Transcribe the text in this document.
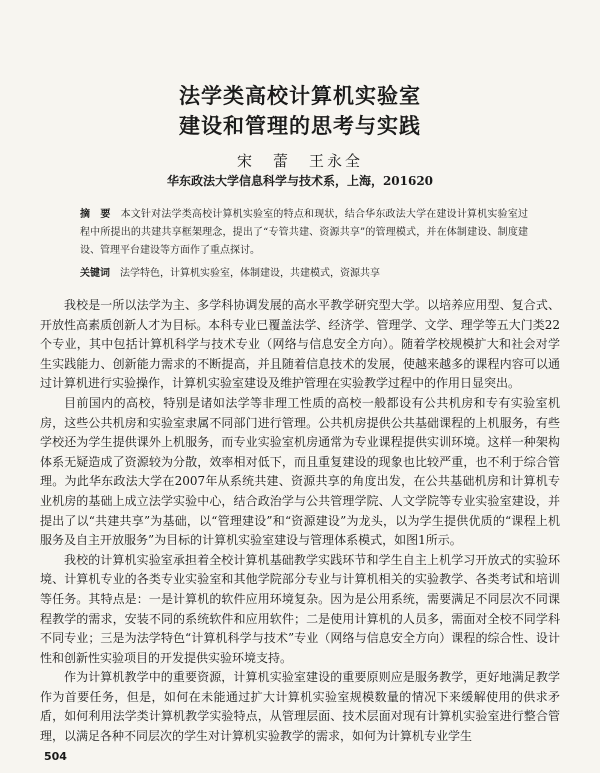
法学类高校计算机实验室
建设和管理的思考与实践
宋　蕾　王永全
华东政法大学信息科学与技术系，上海，201620
摘　要 本文针对法学类高校计算机实验室的特点和现状，结合华东政法大学在建设计算机实验室过程中所提出的共建共享框架理念，提出了“专管共建、资源共享”的管理模式，并在体制建设、制度建设、管理平台建设等方面作了重点探讨。
关键词 法学特色，计算机实验室，体制建设，共建模式，资源共享

我校是一所以法学为主、多学科协调发展的高水平教学研究型大学。以培养应用型、复合式、开放性高素质创新人才为目标。本科专业已覆盖法学、经济学、管理学、文学、理学等五大门类22个专业，其中包括计算机科学与技术专业（网络与信息安全方向）。随着学校规模扩大和社会对学生实践能力、创新能力需求的不断提高，并且随着信息技术的发展，使越来越多的课程内容可以通过计算机进行实验操作，计算机实验室建设及维护管理在实验教学过程中的作用日显突出。

目前国内的高校，特别是诸如法学等非理工性质的高校一般都设有公共机房和专有实验室机房，这些公共机房和实验室隶属不同部门进行管理。公共机房提供公共基础课程的上机服务，有些学校还为学生提供课外上机服务，而专业实验室机房通常为专业课程提供实训环境。这样一种架构体系无疑造成了资源较为分散，效率相对低下，而且重复建设的现象也比较严重，也不利于综合管理。为此华东政法大学在2007年从系统共建、资源共享的角度出发，在公共基础机房和计算机专业机房的基础上成立法学实验中心，结合政治学与公共管理学院、人文学院等专业实验室建设，并提出了以“共建共享”为基础，以“管理建设”和“资源建设”为龙头，以为学生提供优质的“课程上机服务及自主开放服务”为目标的计算机实验室建设与管理体系模式，如图1所示。

我校的计算机实验室承担着全校计算机基础教学实践环节和学生自主上机学习开放式的实验环境、计算机专业的各类专业实验室和其他学院部分专业与计算机相关的实验教学、各类考试和培训等任务。其特点是：一是计算机的软件应用环境复杂。因为是公用系统，需要满足不同层次不同课程教学的需求，安装不同的系统软件和应用软件；二是使用计算机的人员多，需面对全校不同学科不同专业；三是为法学特色“计算机科学与技术”专业（网络与信息安全方向）课程的综合性、设计性和创新性实验项目的开发提供实验环境支持。

作为计算机教学中的重要资源，计算机实验室建设的重要原则应是服务教学，更好地满足教学作为首要任务，但是，如何在未能通过扩大计算机实验室规模数量的情况下来缓解使用的供求矛盾，如何利用法学类计算机教学实验特点，从管理层面、技术层面对现有计算机实验室进行整合管理，以满足各种不同层次的学生对计算机实验教学的需求，如何为计算机专业学生

504
